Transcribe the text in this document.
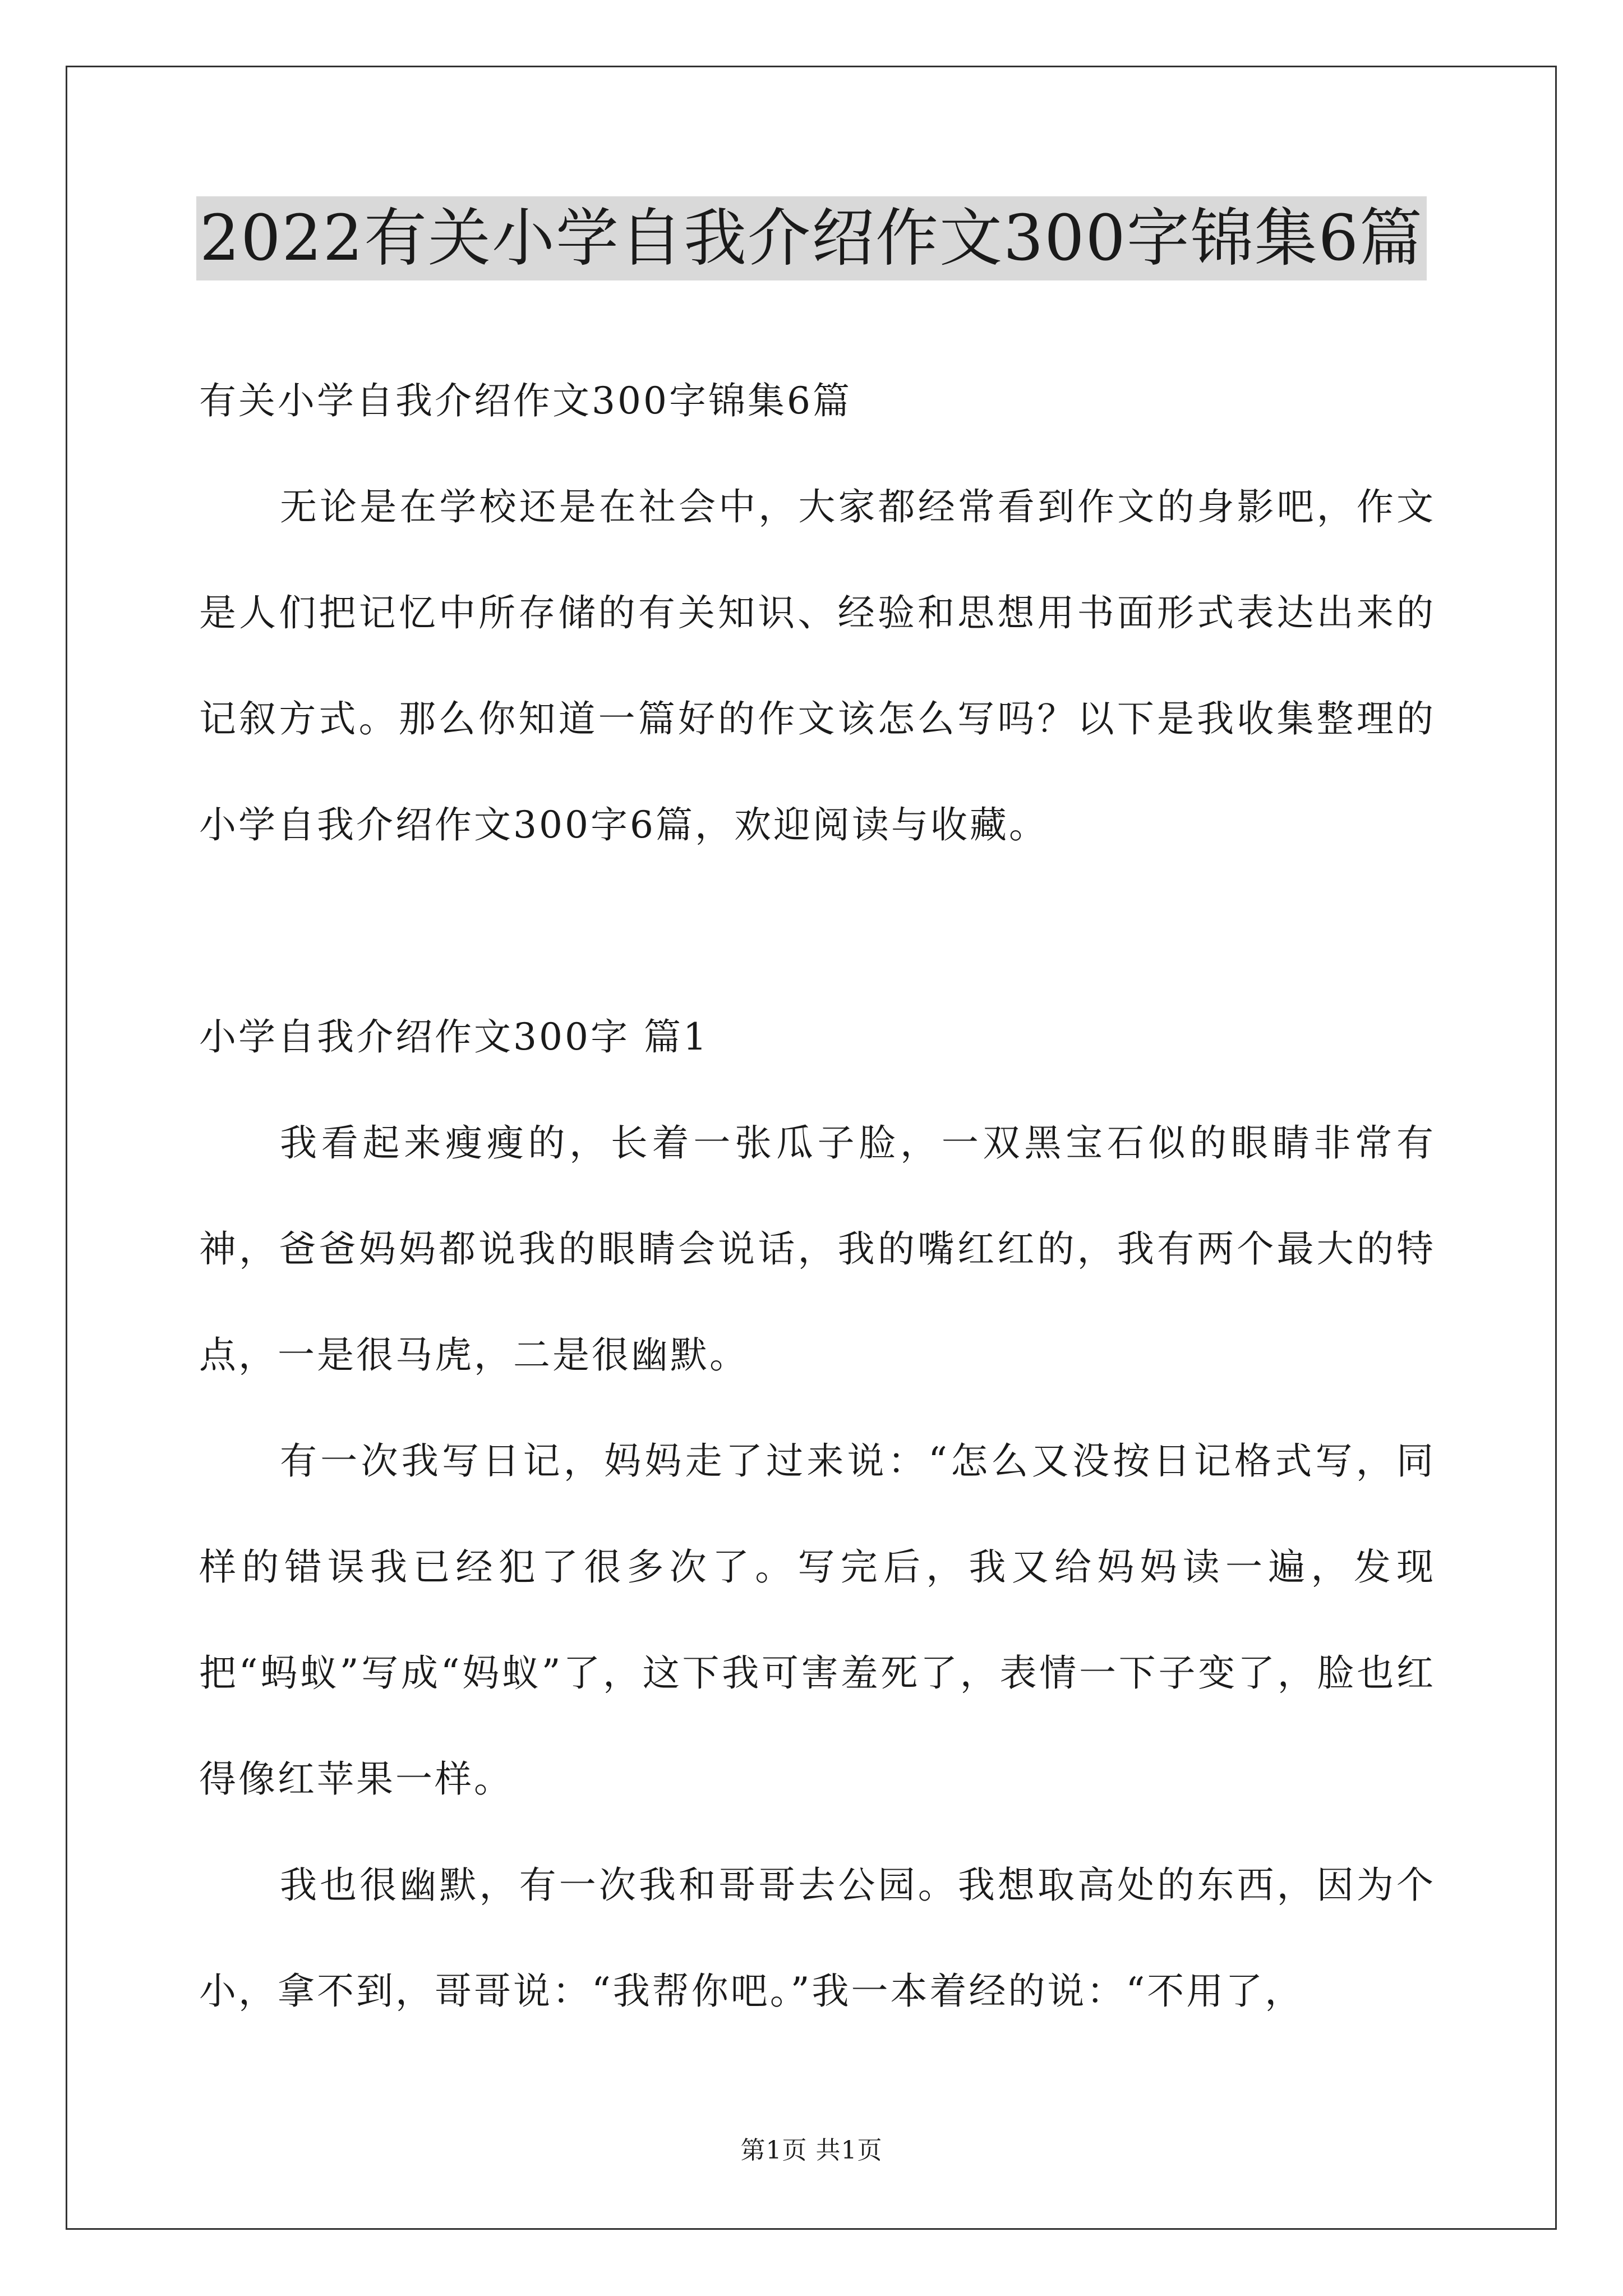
2022有关小学自我介绍作文300字锦集6篇

有关小学自我介绍作文300字锦集6篇

无论是在学校还是在社会中，大家都经常看到作文的身影吧，作文是人们把记忆中所存储的有关知识、经验和思想用书面形式表达出来的记叙方式。那么你知道一篇好的作文该怎么写吗？以下是我收集整理的小学自我介绍作文300字6篇，欢迎阅读与收藏。

小学自我介绍作文300字 篇1

我看起来瘦瘦的，长着一张瓜子脸，一双黑宝石似的眼睛非常有神，爸爸妈妈都说我的眼睛会说话，我的嘴红红的，我有两个最大的特点，一是很马虎，二是很幽默。

有一次我写日记，妈妈走了过来说：“怎么又没按日记格式写，同样的错误我已经犯了很多次了。写完后，我又给妈妈读一遍，发现把“蚂蚁”写成“妈蚁”了，这下我可害羞死了，表情一下子变了，脸也红得像红苹果一样。

我也很幽默，有一次我和哥哥去公园。我想取高处的东西，因为个小，拿不到，哥哥说：“我帮你吧。”我一本着经的说：“不用了，

第1页 共1页
